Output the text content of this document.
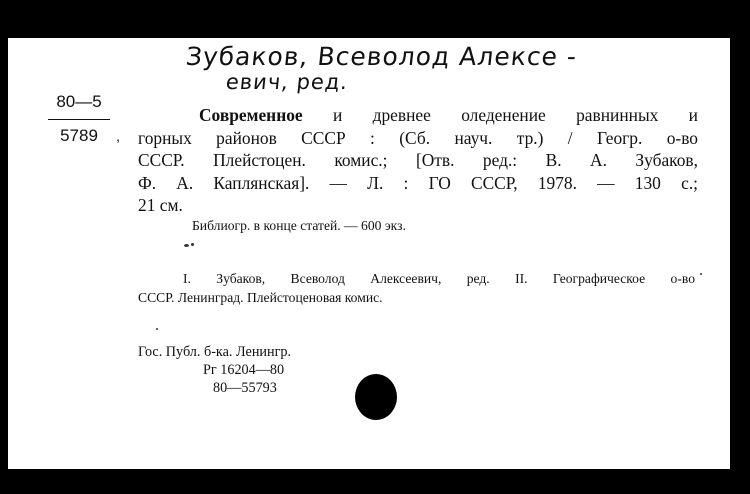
Зубаков, Всеволод Алексе -
евич, ред.
80—5
5789 ,
Современное и древнее оледенение равнинных и
горных районов СССР : (Сб. науч. тр.) / Геогр. о-во
СССР. Плейстоцен. комис.; [Отв. ред.: В. А. Зубаков,
Ф. А. Каплянская]. — Л. : ГО СССР, 1978. — 130 с.;
21 см.
Библиогр. в конце статей. — 600 экз.
I. Зубаков, Всеволод Алексеевич, ред. II. Географическое о-во
СССР. Ленинград. Плейстоценовая комис.
Гос. Публ. б-ка. Ленингр.
Рг 16204—80
80—55793
